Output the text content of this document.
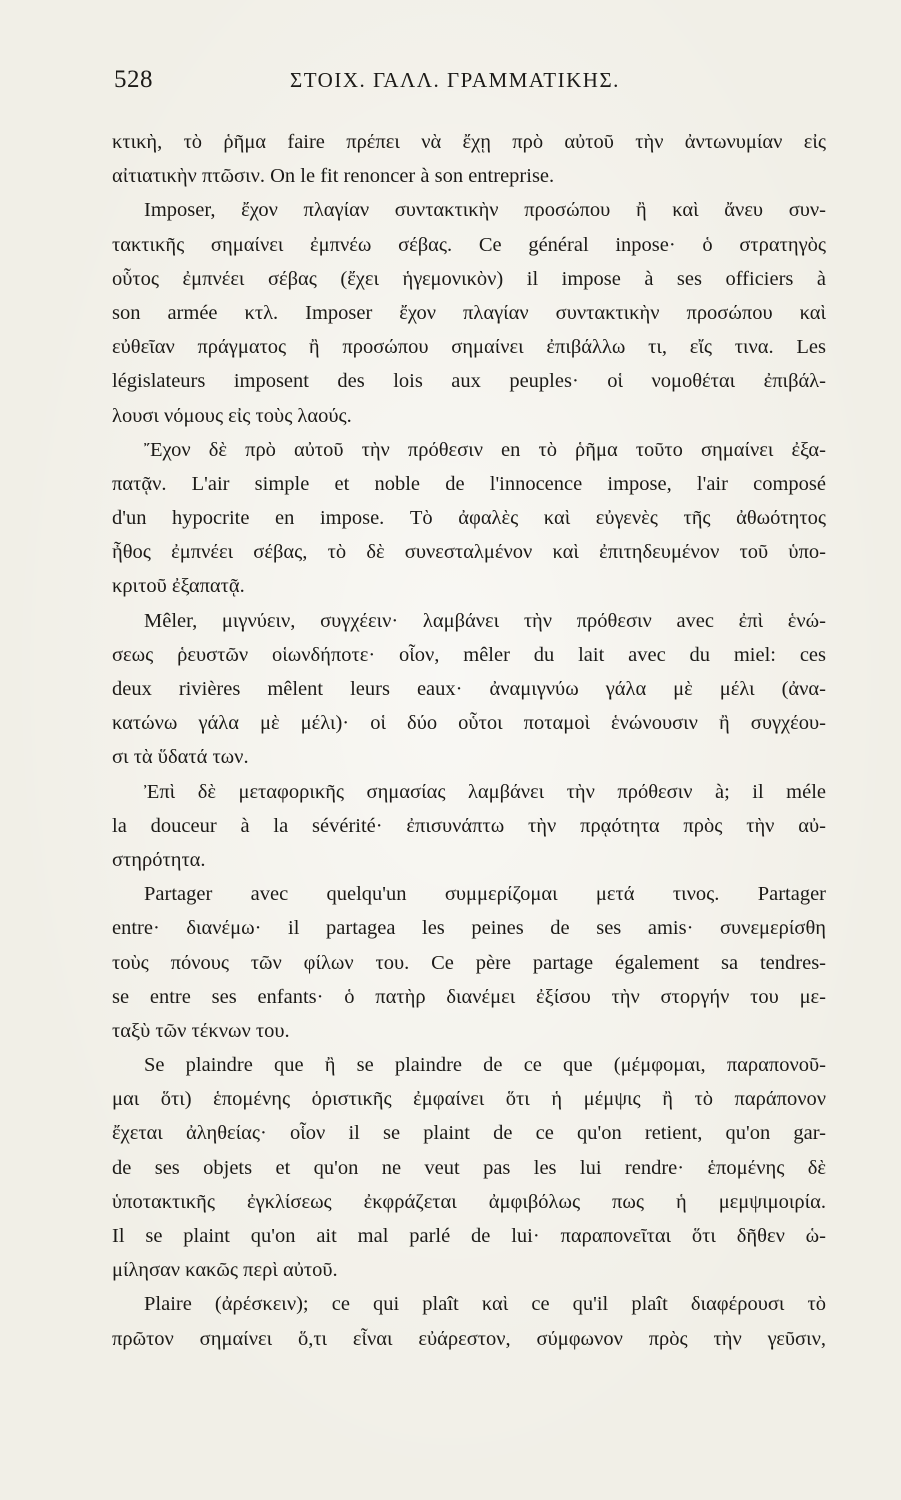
528	ΣΤΟΙΧ. ΓΑΛΛ. ΓΡΑΜΜΑΤΙΚΗΣ.
κτικὴ, τὸ ῥῆμα faire πρέπει νὰ ἔχῃ πρὸ αὐτοῦ τὴν ἀντωνυμίαν εἰς
αἰτιατικὴν πτῶσιν. On le fit renoncer à son entreprise.
Imposer, ἔχον πλαγίαν συντακτικὴν προσώπου ἢ καὶ ἄνευ συν-
τακτικῆς σημαίνει ἐμπνέω σέβας. Ce général inpose· ὁ στρατηγὸς
οὗτος ἐμπνέει σέβας (ἔχει ἡγεμονικὸν) il impose à ses officiers à
son armée κτλ. Imposer ἔχον πλαγίαν συντακτικὴν προσώπου καὶ
εὐθεῖαν πράγματος ἢ προσώπου σημαίνει ἐπιβάλλω τι, εἴς τινα. Les
législateurs imposent des lois aux peuples· οἱ νομοθέται ἐπιβάλ-
λουσι νόμους εἰς τοὺς λαούς.
Ἔχον δὲ πρὸ αὐτοῦ τὴν πρόθεσιν en τὸ ῥῆμα τοῦτο σημαίνει ἐξα-
πατᾷν. L'air simple et noble de l'innocence impose, l'air composé
d'un hypocrite en impose. Τὸ ἀφαλὲς καὶ εὐγενὲς τῆς ἀθωότητος
ἦθος ἐμπνέει σέβας, τὸ δὲ συνεσταλμένον καὶ ἐπιτηδευμένον τοῦ ὑπο-
κριτοῦ ἐξαπατᾷ.
Mêler, μιγνύειν, συγχέειν· λαμβάνει τὴν πρόθεσιν avec ἐπὶ ἑνώ-
σεως ῥευστῶν οἱωνδήποτε· οἷον, mêler du lait avec du miel: ces
deux rivières mêlent leurs eaux· ἀναμιγνύω γάλα μὲ μέλι (ἀνα-
κατώνω γάλα μὲ μέλι)· οἱ δύο οὗτοι ποταμοὶ ἑνώνουσιν ἢ συγχέου-
σι τὰ ὕδατά των.
Ἐπὶ δὲ μεταφορικῆς σημασίας λαμβάνει τὴν πρόθεσιν à; il méle
la douceur à la sévérité· ἐπισυνάπτω τὴν πρᾳότητα πρὸς τὴν αὐ-
στηρότητα.
Partager avec quelqu'un συμμερίζομαι μετά τινος. Partager
entre· διανέμω· il partagea les peines de ses amis· συνεμερίσθη
τοὺς πόνους τῶν φίλων του. Ce père partage également sa tendres-
se entre ses enfants· ὁ πατὴρ διανέμει ἐξίσου τὴν στοργήν του με-
ταξὺ τῶν τέκνων του.
Se plaindre que ἢ se plaindre de ce que (μέμφομαι, παραπονοῦ-
μαι ὅτι) ἑπομένης ὁριστικῆς ἐμφαίνει ὅτι ἡ μέμψις ἢ τὸ παράπονον
ἔχεται ἀληθείας· οἷον il se plaint de ce qu'on retient, qu'on gar-
de ses objets et qu'on ne veut pas les lui rendre· ἑπομένης δὲ
ὑποτακτικῆς ἐγκλίσεως ἐκφράζεται ἀμφιβόλως πως ἡ μεμψιμοιρία.
Il se plaint qu'on ait mal parlé de lui· παραπονεῖται ὅτι δῆθεν ὡ-
μίλησαν κακῶς περὶ αὐτοῦ.
Plaire (ἀρέσκειν); ce qui plaît καὶ ce qu'il plaît διαφέρουσι τὸ
πρῶτον σημαίνει ὅ,τι εἶναι εὐάρεστον, σύμφωνον πρὸς τὴν γεῦσιν,
